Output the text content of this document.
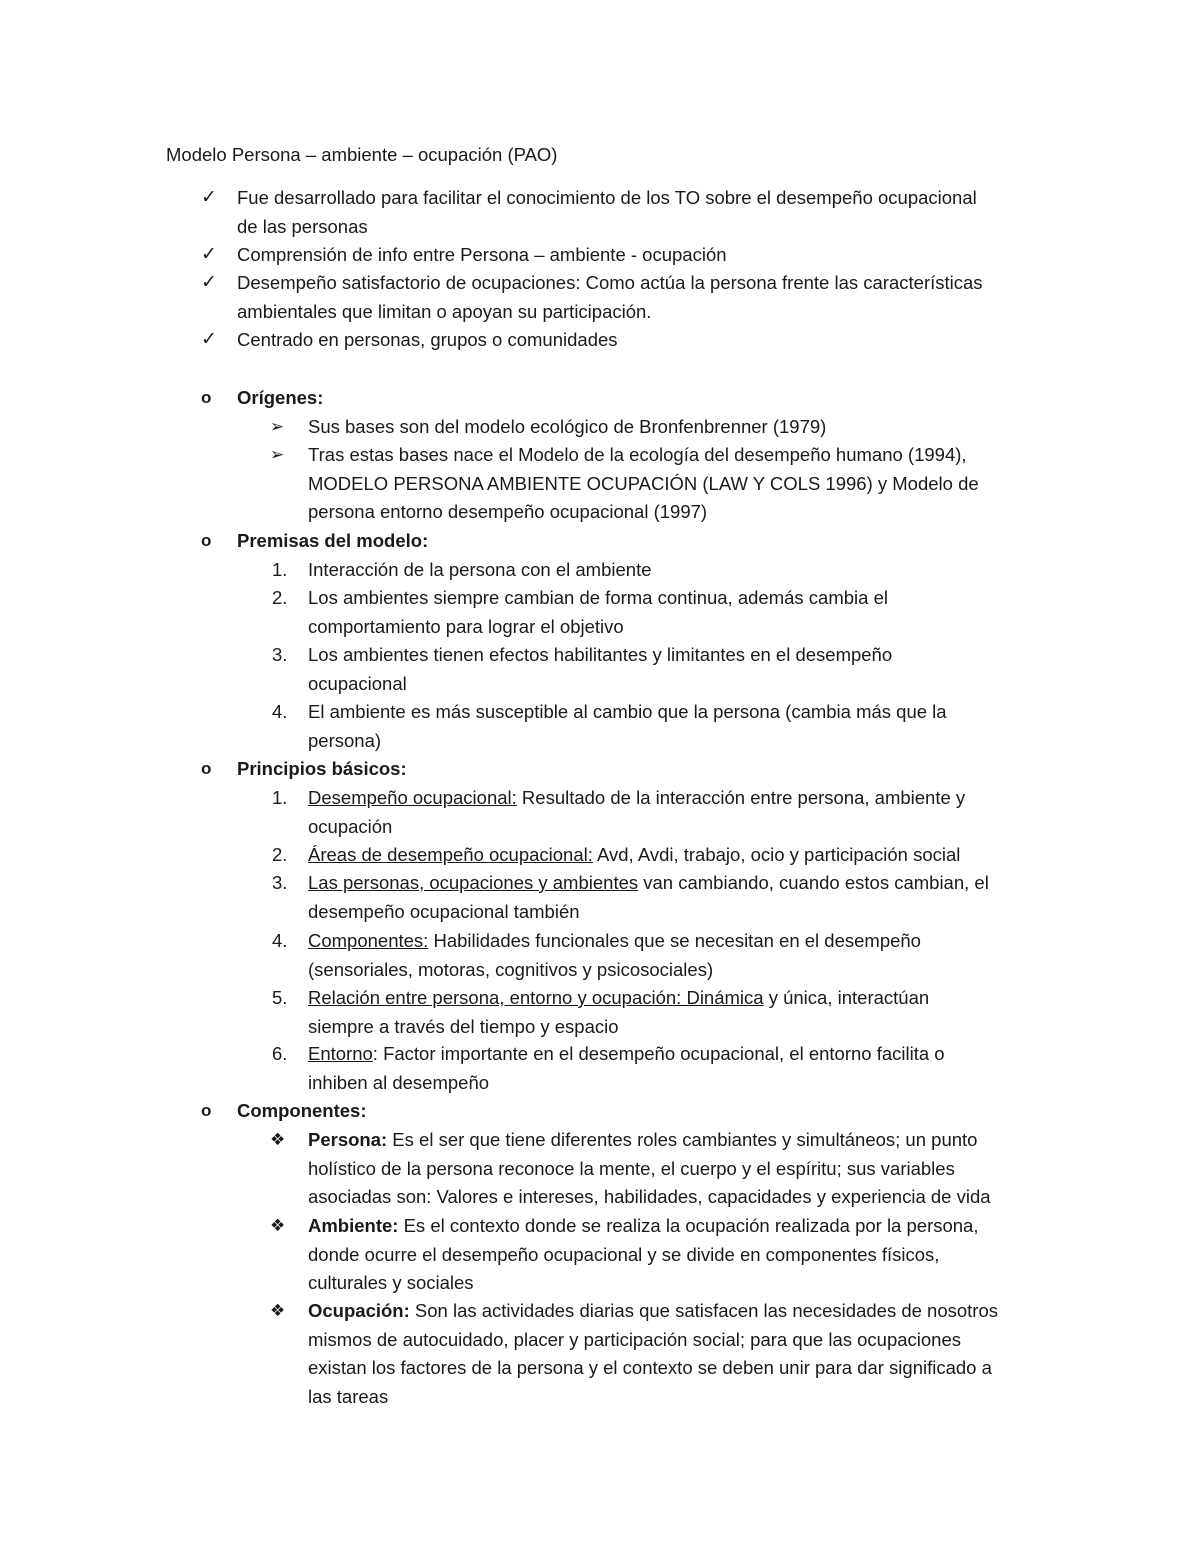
Modelo Persona – ambiente – ocupación (PAO)
✓ Fue desarrollado para facilitar el conocimiento de los TO sobre el desempeño ocupacional
de las personas
✓ Comprensión de info entre Persona – ambiente - ocupación
✓ Desempeño satisfactorio de ocupaciones: Como actúa la persona frente las características
ambientales que limitan o apoyan su participación.
✓ Centrado en personas, grupos o comunidades
o Orígenes:
➢ Sus bases son del modelo ecológico de Bronfenbrenner (1979)
➢ Tras estas bases nace el Modelo de la ecología del desempeño humano (1994),
MODELO PERSONA AMBIENTE OCUPACIÓN (LAW Y COLS 1996) y Modelo de
persona entorno desempeño ocupacional (1997)
o Premisas del modelo:
1.	Interacción de la persona con el ambiente
2.	Los ambientes siempre cambian de forma continua, además cambia el
comportamiento para lograr el objetivo
3.	Los ambientes tienen efectos habilitantes y limitantes en el desempeño
ocupacional
4.	El ambiente es más susceptible al cambio que la persona (cambia más que la
persona)
o Principios básicos:
1.	Desempeño ocupacional: Resultado de la interacción entre persona, ambiente y
ocupación
2.	Áreas de desempeño ocupacional: Avd, Avdi, trabajo, ocio y participación social
3.	Las personas, ocupaciones y ambientes van cambiando, cuando estos cambian, el
desempeño ocupacional también
4.	Componentes: Habilidades funcionales que se necesitan en el desempeño
(sensoriales, motoras, cognitivos y psicosociales)
5.	Relación entre persona, entorno y ocupación: Dinámica y única, interactúan
siempre a través del tiempo y espacio
6.	Entorno: Factor importante en el desempeño ocupacional, el entorno facilita o
inhiben al desempeño
o Componentes:
❖ Persona: Es el ser que tiene diferentes roles cambiantes y simultáneos; un punto
holístico de la persona reconoce la mente, el cuerpo y el espíritu; sus variables
asociadas son: Valores e intereses, habilidades, capacidades y experiencia de vida
❖ Ambiente: Es el contexto donde se realiza la ocupación realizada por la persona,
donde ocurre el desempeño ocupacional y se divide en componentes físicos,
culturales y sociales
❖ Ocupación: Son las actividades diarias que satisfacen las necesidades de nosotros
mismos de autocuidado, placer y participación social; para que las ocupaciones
existan los factores de la persona y el contexto se deben unir para dar significado a
las tareas
